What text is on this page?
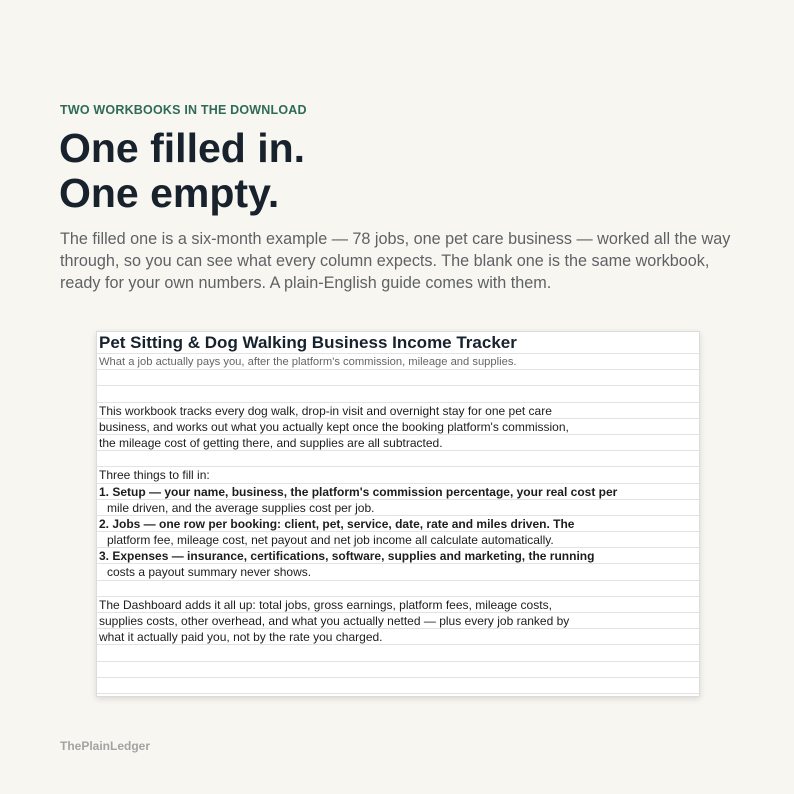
TWO WORKBOOKS IN THE DOWNLOAD
One filled in.
One empty.

The filled one is a six-month example — 78 jobs, one pet care business — worked all the way through, so you can see what every column expects. The blank one is the same workbook, ready for your own numbers. A plain-English guide comes with them.

Pet Sitting & Dog Walking Business Income Tracker
What a job actually pays you, after the platform's commission, mileage and supplies.
This workbook tracks every dog walk, drop-in visit and overnight stay for one pet care
business, and works out what you actually kept once the booking platform's commission,
the mileage cost of getting there, and supplies are all subtracted.
Three things to fill in:
1. Setup — your name, business, the platform's commission percentage, your real cost per
mile driven, and the average supplies cost per job.
2. Jobs — one row per booking: client, pet, service, date, rate and miles driven. The
platform fee, mileage cost, net payout and net job income all calculate automatically.
3. Expenses — insurance, certifications, software, supplies and marketing, the running
costs a payout summary never shows.
The Dashboard adds it all up: total jobs, gross earnings, platform fees, mileage costs,
supplies costs, other overhead, and what you actually netted — plus every job ranked by
what it actually paid you, not by the rate you charged.
ThePlainLedger
